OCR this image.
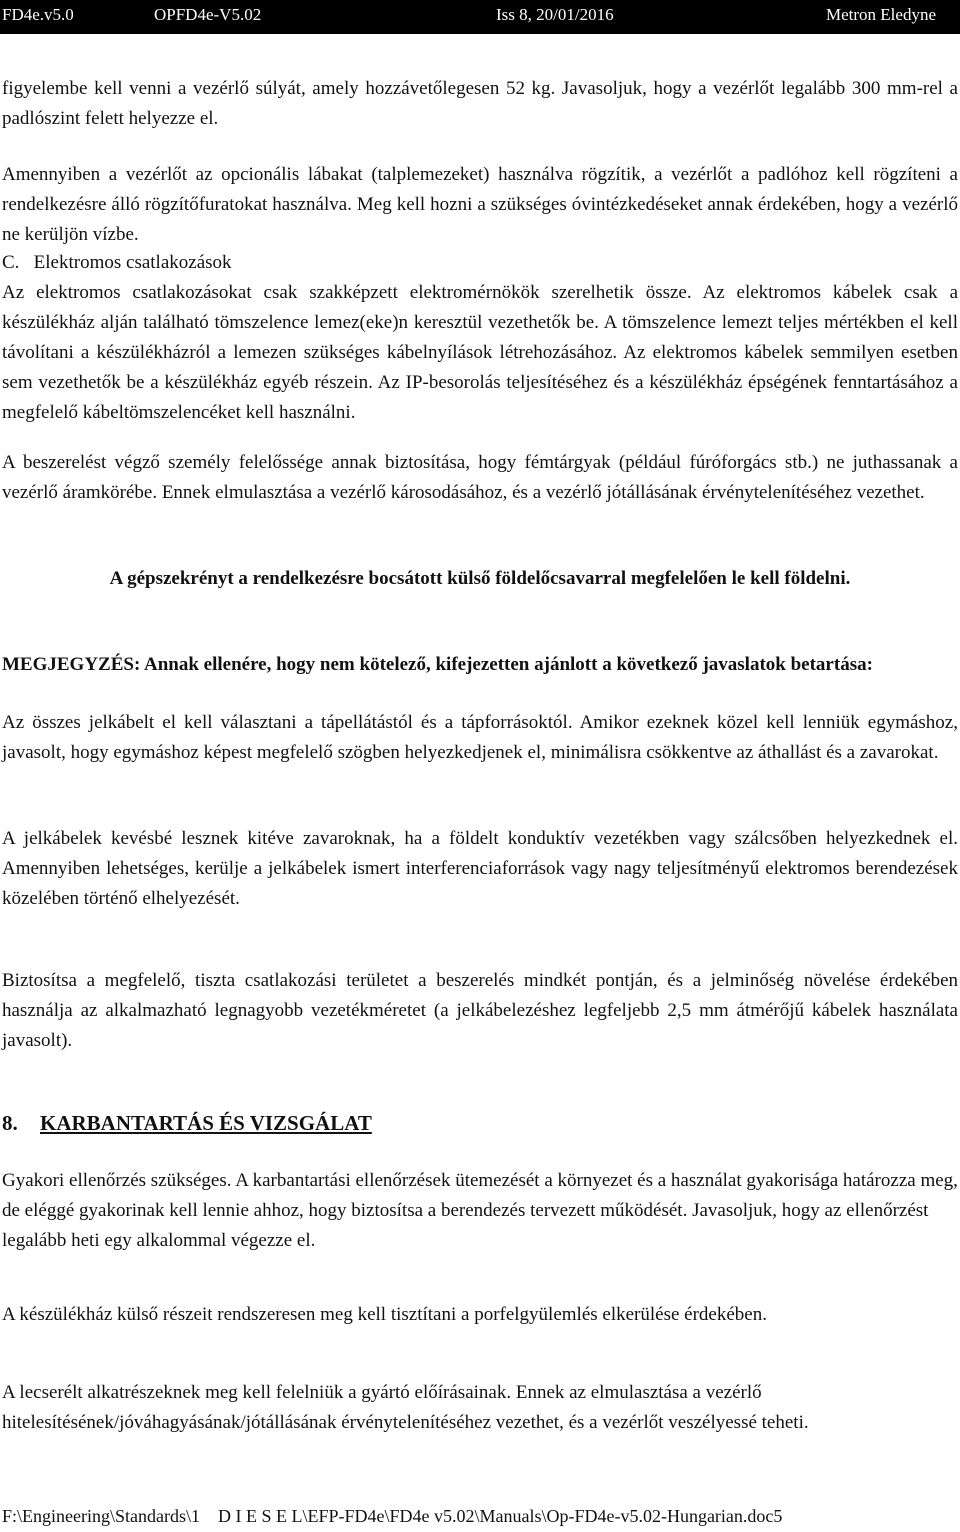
FD4e.v5.0	OPFD4e-V5.02	Iss 8, 20/01/2016	Metron Eledyne

figyelembe kell venni a vezérlő súlyát, amely hozzávetőlegesen 52 kg. Javasoljuk, hogy a vezérlőt legalább 300 mm-rel a padlószint felett helyezze el.

Amennyiben a vezérlőt az opcionális lábakat (talplemezeket) használva rögzítik, a vezérlőt a padlóhoz kell rögzíteni a rendelkezésre álló rögzítőfuratokat használva. Meg kell hozni a szükséges óvintézkedéseket annak érdekében, hogy a vezérlő ne kerüljön vízbe.

C.   Elektromos csatlakozások

Az elektromos csatlakozásokat csak szakképzett elektromérnökök szerelhetik össze. Az elektromos kábelek csak a készülékház alján található tömszelence lemez(eke)n keresztül vezethetők be. A tömszelence lemezt teljes mértékben el kell távolítani a készülékházról a lemezen szükséges kábelnyílások létrehozásához. Az elektromos kábelek semmilyen esetben sem vezethetők be a készülékház egyéb részein. Az IP-besorolás teljesítéséhez és a készülékház épségének fenntartásához a megfelelő kábeltömszelencéket kell használni.

A beszerelést végző személy felelőssége annak biztosítása, hogy fémtárgyak (például fúróforgács stb.) ne juthassanak a vezérlő áramkörébe. Ennek elmulasztása a vezérlő károsodásához, és a vezérlő jótállásának érvénytelenítéséhez vezethet.

A gépszekrényt a rendelkezésre bocsátott külső földelőcsavarral megfelelően le kell földelni.

MEGJEGYZÉS: Annak ellenére, hogy nem kötelező, kifejezetten ajánlott a következő javaslatok betartása:

Az összes jelkábelt el kell választani a tápellátástól és a tápforrásoktól. Amikor ezeknek közel kell lenniük egymáshoz, javasolt, hogy egymáshoz képest megfelelő szögben helyezkedjenek el, minimálisra csökkentve az áthallást és a zavarokat.

A jelkábelek kevésbé lesznek kitéve zavaroknak, ha a földelt konduktív vezetékben vagy szálcsőben helyezkednek el. Amennyiben lehetséges, kerülje a jelkábelek ismert interferenciaforrások vagy nagy teljesítményű elektromos berendezések közelében történő elhelyezését.

Biztosítsa a megfelelő, tiszta csatlakozási területet a beszerelés mindkét pontján, és a jelminőség növelése érdekében használja az alkalmazható legnagyobb vezetékméretet (a jelkábelezéshez legfeljebb 2,5 mm átmérőjű kábelek használata javasolt).

8. KARBANTARTÁS ÉS VIZSGÁLAT

Gyakori ellenőrzés szükséges. A karbantartási ellenőrzések ütemezését a környezet és a használat gyakorisága határozza meg, de eléggé gyakorinak kell lennie ahhoz, hogy biztosítsa a berendezés tervezett működését. Javasoljuk, hogy az ellenőrzést legalább heti egy alkalommal végezze el.

A készülékház külső részeit rendszeresen meg kell tisztítani a porfelgyülemlés elkerülése érdekében.

A lecserélt alkatrészeknek meg kell felelniük a gyártó előírásainak. Ennek az elmulasztása a vezérlő hitelesítésének/jóváhagyásának/jótállásának érvénytelenítéséhez vezethet, és a vezérlőt veszélyessé teheti.

F:\Engineering\Standards\1    D I E S E L\EFP-FD4e\FD4e v5.02\Manuals\Op-FD4e-v5.02-Hungarian.doc5
